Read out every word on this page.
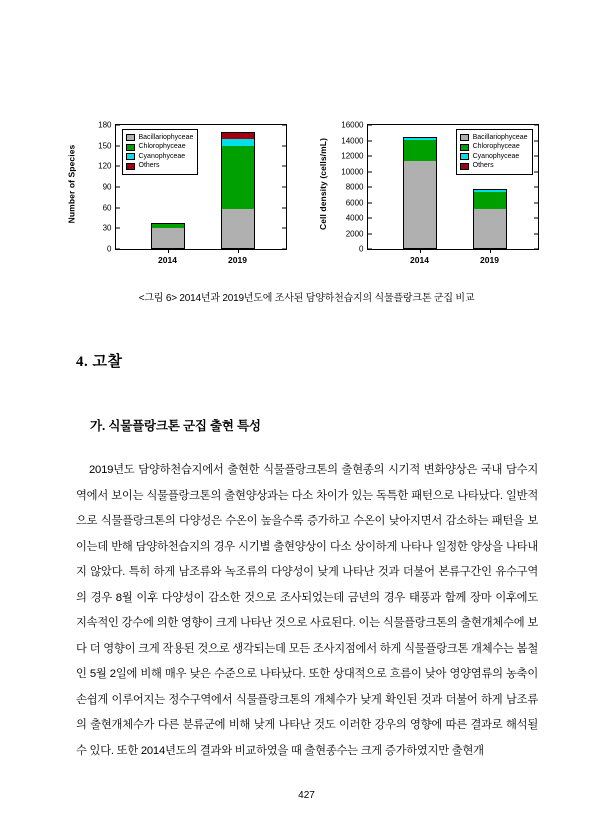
Number of Species
Bacillariophyceae
Chlorophyceae
Cyanophyceae
Others
0
30
60
90
120
150
180
2014	2019
Cell density (cells/mL)
Bacillariophyceae
Chlorophyceae
Cyanophyceae
Others
0
2000
4000
6000
8000
10000
12000
14000
16000
2014	2019
<그림 6> 2014년과 2019년도에 조사된 담양하천습지의 식물플랑크톤 군집 비교
4. 고찰
가. 식물플랑크톤 군집 출현 특성
2019년도 담양하천습지에서 출현한 식물플랑크톤의 출현종의 시기적 변화양상은 국내 담수지역에서 보이는 식물플랑크톤의 출현양상과는 다소 차이가 있는 독특한 패턴으로 나타났다. 일반적으로 식물플랑크톤의 다양성은 수온이 높을수록 증가하고 수온이 낮아지면서 감소하는 패턴을 보이는데 반해 담양하천습지의 경우 시기별 출현양상이 다소 상이하게 나타나 일정한 양상을 나타내지 않았다. 특히 하게 남조류와 녹조류의 다양성이 낮게 나타난 것과 더불어 본류구간인 유수구역의 경우 8월 이후 다양성이 감소한 것으로 조사되었는데 금년의 경우 태풍과 함께 장마 이후에도 지속적인 강수에 의한 영향이 크게 나타난 것으로 사료된다. 이는 식물플랑크톤의 출현개체수에 보다 더 영향이 크게 작용된 것으로 생각되는데 모든 조사지점에서 하게 식물플랑크톤 개체수는 봄철인 5월 2일에 비해 매우 낮은 수준으로 나타났다. 또한 상대적으로 흐름이 낮아 영양염류의 농축이 손쉽게 이루어지는 정수구역에서 식물플랑크톤의 개체수가 낮게 확인된 것과 더불어 하게 남조류의 출현개체수가 다른 분류군에 비해 낮게 나타난 것도 이러한 강우의 영향에 따른 결과로 해석될 수 있다. 또한 2014년도의 결과와 비교하였을 때 출현종수는 크게 증가하였지만 출현개
427
